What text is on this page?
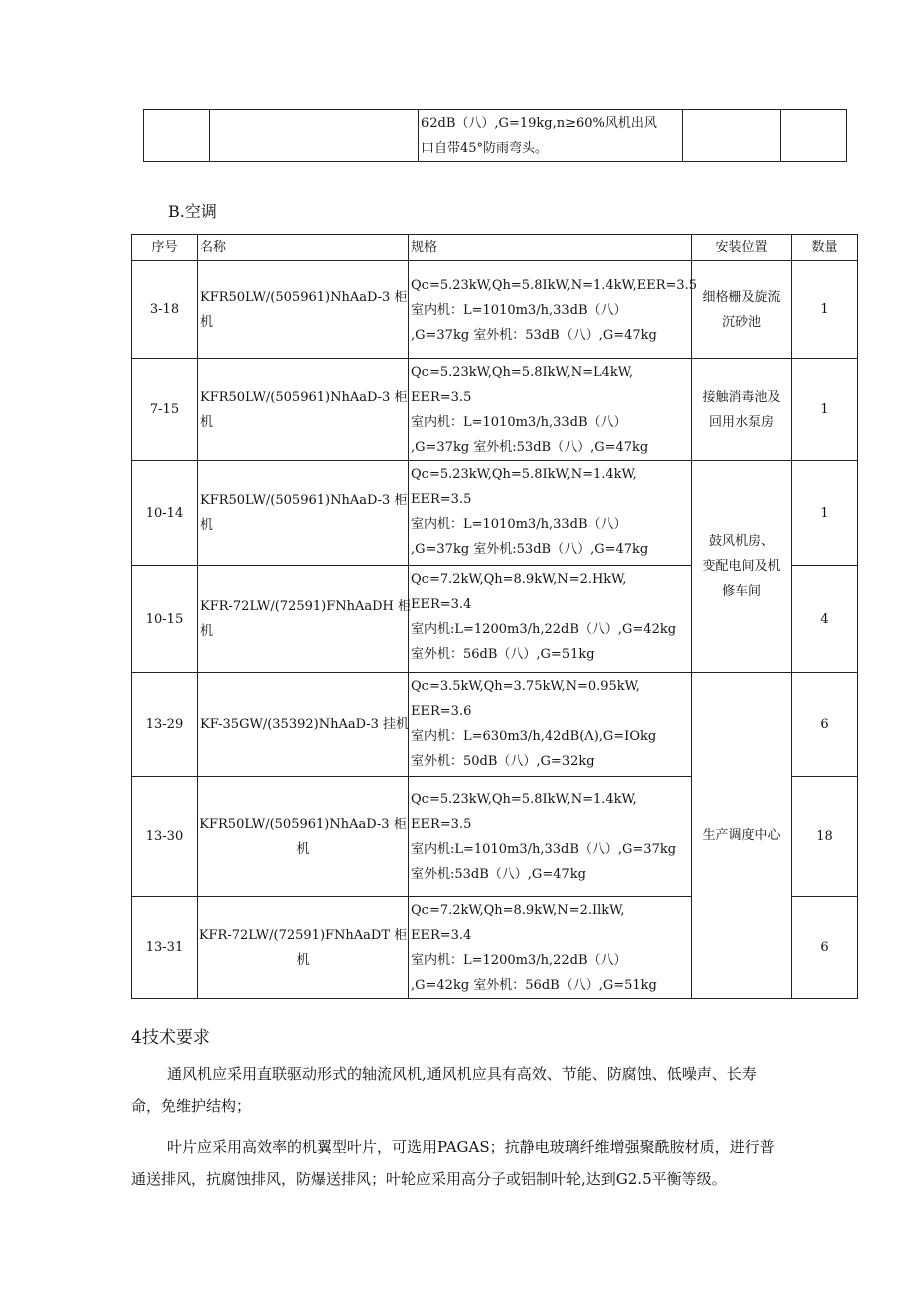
62dB（八）,G=19kg,n≥60%风机出风
口自带45°防雨弯头。

B.空调
序号	名称	规格	安装位置	数量
3-18	KFR50LW/(505961)NhAaD-3 柜
机	Qc=5.23kW,Qh=5.8IkW,N=1.4kW,EER=3.5
室内机：L=1010m3/h,33dB（八）
,G=37kg 室外机：53dB（八）,G=47kg	细格栅及旋流
沉砂池	1
7-15	KFR50LW/(505961)NhAaD-3 柜
机	Qc=5.23kW,Qh=5.8IkW,N=L4kW,
EER=3.5
室内机：L=1010m3/h,33dB（八）
,G=37kg 室外机:53dB（八）,G=47kg	接触消毒池及
回用水泵房	1
10-14	KFR50LW/(505961)NhAaD-3 柜
机	Qc=5.23kW,Qh=5.8IkW,N=1.4kW,
EER=3.5
室内机：L=1010m3/h,33dB（八）
,G=37kg 室外机:53dB（八）,G=47kg	鼓风机房、
变配电间及机
修车间	1
10-15	KFR-72LW/(72591)FNhAaDH 柜
机	Qc=7.2kW,Qh=8.9kW,N=2.HkW,
EER=3.4
室内机:L=1200m3/h,22dB（八）,G=42kg
室外机：56dB（八）,G=51kg		4
13-29	KF-35GW/(35392)NhAaD-3 挂机	Qc=3.5kW,Qh=3.75kW,N=0.95kW,
EER=3.6
室内机：L=630m3/h,42dB(Λ),G=IOkg
室外机：50dB（八）,G=32kg	生产调度中心	6
13-30	KFR50LW/(505961)NhAaD-3 柜
机	Qc=5.23kW,Qh=5.8IkW,N=1.4kW,
EER=3.5
室内机:L=1010m3/h,33dB（八）,G=37kg
室外机:53dB（八）,G=47kg		18
13-31	KFR-72LW/(72591)FNhAaDT 柜
机	Qc=7.2kW,Qh=8.9kW,N=2.IlkW,
EER=3.4
室内机：L=1200m3/h,22dB（八）
,G=42kg 室外机：56dB（八）,G=51kg		6
4技术要求
通风机应采用直联驱动形式的轴流风机,通风机应具有高效、节能、防腐蚀、低噪声、长寿
命，免维护结构；
叶片应采用高效率的机翼型叶片，可选用PAGAS；抗静电玻璃纤维增强聚酰胺材质，进行普
通送排风，抗腐蚀排风，防爆送排风；叶轮应采用高分子或铝制叶轮,达到G2.5平衡等级。
